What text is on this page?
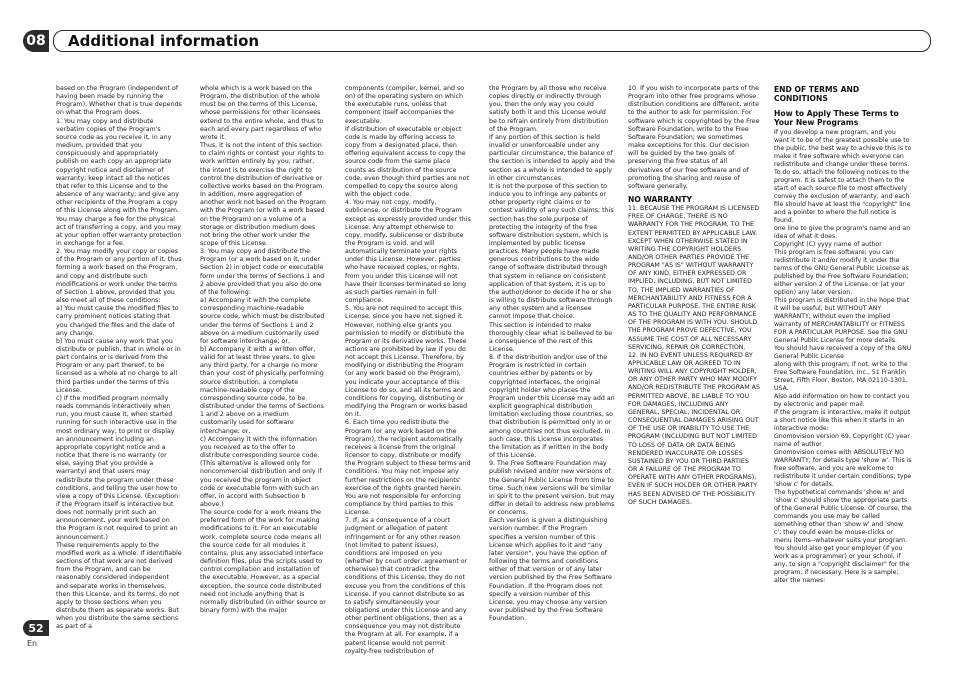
08 Additional information

based on the Program (independent of having been made by running the Program). Whether that is true depends on what the Program does.
1. You may copy and distribute verbatim copies of the Program's source code as you receive it, in any medium, provided that you conspicuously and appropriately publish on each copy an appropriate copyright notice and disclaimer of warranty; keep intact all the notices that refer to this License and to the absence of any warranty; and give any other recipients of the Program a copy of this License along with the Program.
You may charge a fee for the physical act of transferring a copy, and you may at your option offer warranty protection in exchange for a fee.
2. You may modify your copy or copies of the Program or any portion of it, thus forming a work based on the Program, and copy and distribute such modifications or work under the terms of Section 1 above, provided that you also meet all of these conditions:
a) You must cause the modified files to carry prominent notices stating that you changed the files and the date of any change.
b) You must cause any work that you distribute or publish, that in whole or in part contains or is derived from the Program or any part thereof, to be licensed as a whole at no charge to all third parties under the terms of this License.
c) If the modified program normally reads commands interactively when run, you must cause it, when started running for such interactive use in the most ordinary way, to print or display an announcement including an appropriate copyright notice and a notice that there is no warranty (or else, saying that you provide a warranty) and that users may redistribute the program under these conditions, and telling the user how to view a copy of this License. (Exception: if the Program itself is interactive but does not normally print such an announcement, your work based on the Program is not required to print an announcement.)
These requirements apply to the modified work as a whole. If identifiable sections of that work are not derived from the Program, and can be reasonably considered independent and separate works in themselves, then this License, and its terms, do not apply to those sections when you distribute them as separate works. But when you distribute the same sections as part of a

whole which is a work based on the Program, the distribution of the whole must be on the terms of this License, whose permissions for other licensees extend to the entire whole, and thus to each and every part regardless of who wrote it.
Thus, it is not the intent of this section to claim rights or contest your rights to work written entirely by you; rather, the intent is to exercise the right to control the distribution of derivative or collective works based on the Program.
In addition, mere aggregation of another work not based on the Program with the Program (or with a work based on the Program) on a volume of a storage or distribution medium does not bring the other work under the scope of this License.
3. You may copy and distribute the Program (or a work based on it, under Section 2) in object code or executable form under the terms of Sections 1 and 2 above provided that you also do one of the following:
a) Accompany it with the complete corresponding machine-readable source code, which must be distributed under the terms of Sections 1 and 2 above on a medium customarily used for software interchange; or,
b) Accompany it with a written offer, valid for at least three years, to give any third party, for a charge no more than your cost of physically performing source distribution, a complete machine-readable copy of the corresponding source code, to be distributed under the terms of Sections 1 and 2 above on a medium customarily used for software interchange; or,
c) Accompany it with the information you received as to the offer to distribute corresponding source code. (This alternative is allowed only for noncommercial distribution and only if you received the program in object code or executable form with such an offer, in accord with Subsection b above.)
The source code for a work means the preferred form of the work for making modifications to it. For an executable work, complete source code means all the source code for all modules it contains, plus any associated interface definition files, plus the scripts used to control compilation and installation of the executable. However, as a special exception, the source code distributed need not include anything that is normally distributed (in either source or binary form) with the major

components (compiler, kernel, and so on) of the operating system on which the executable runs, unless that component itself accompanies the executable.
If distribution of executable or object code is made by offering access to copy from a designated place, then offering equivalent access to copy the source code from the same place counts as distribution of the source code, even though third parties are not compelled to copy the source along with the object code.
4. You may not copy, modify, sublicense, or distribute the Program except as expressly provided under this License. Any attempt otherwise to copy, modify, sublicense or distribute the Program is void, and will automatically terminate your rights under this License. However, parties who have received copies, or rights, from you under this License will not have their licenses terminated so long as such parties remain in full compliance.
5. You are not required to accept this License, since you have not signed it. However, nothing else grants you permission to modify or distribute the Program or its derivative works. These actions are prohibited by law if you do not accept this License. Therefore, by modifying or distributing the Program (or any work based on the Program), you indicate your acceptance of this License to do so, and all its terms and conditions for copying, distributing or modifying the Program or works based on it.
6. Each time you redistribute the Program (or any work based on the Program), the recipient automatically receives a license from the original licensor to copy, distribute or modify the Program subject to these terms and conditions. You may not impose any further restrictions on the recipients' exercise of the rights granted herein. You are not responsible for enforcing compliance by third parties to this License.
7. If, as a consequence of a court judgment or allegation of patent infringement or for any other reason (not limited to patent issues), conditions are imposed on you (whether by court order, agreement or otherwise) that contradict the conditions of this License, they do not excuse you from the conditions of this License. If you cannot distribute so as to satisfy simultaneously your obligations under this License and any other pertinent obligations, then as a consequence you may not distribute the Program at all. For example, if a patent license would not permit royalty-free redistribution of

the Program by all those who receive copies directly or indirectly through you, then the only way you could satisfy both it and this License would be to refrain entirely from distribution of the Program.
If any portion of this section is held invalid or unenforceable under any particular circumstance, the balance of the section is intended to apply and the section as a whole is intended to apply in other circumstances.
It is not the purpose of this section to induce you to infringe any patents or other property right claims or to contest validity of any such claims; this section has the sole purpose of protecting the integrity of the free software distribution system, which is implemented by public license practices. Many people have made generous contributions to the wide range of software distributed through that system in reliance on consistent application of that system; it is up to the author/donor to decide if he or she is willing to distribute software through any other system and a licensee cannot impose that choice.
This section is intended to make thoroughly clear what is believed to be a consequence of the rest of this License.
8. If the distribution and/or use of the Program is restricted in certain countries either by patents or by copyrighted interfaces, the original copyright holder who places the Program under this License may add an explicit geographical distribution limitation excluding those countries, so that distribution is permitted only in or among countries not thus excluded. In such case, this License incorporates the limitation as if written in the body of this License.
9. The Free Software Foundation may publish revised and/or new versions of the General Public License from time to time. Such new versions will be similar in spirit to the present version, but may differ in detail to address new problems or concerns.
Each version is given a distinguishing version number. If the Program specifies a version number of this License which applies to it and "any later version", you have the option of following the terms and conditions either of that version or of any later version published by the Free Software Foundation. If the Program does not specify a version number of this License, you may choose any version ever published by the Free Software Foundation.

10. If you wish to incorporate parts of the Program into other free programs whose distribution conditions are different, write to the author to ask for permission. For software which is copyrighted by the Free Software Foundation, write to the Free Software Foundation; we sometimes make exceptions for this. Our decision will be guided by the two goals of preserving the free status of all derivatives of our free software and of promoting the sharing and reuse of software generally.

NO WARRANTY

11. BECAUSE THE PROGRAM IS LICENSED FREE OF CHARGE, THERE IS NO WARRANTY FOR THE PROGRAM, TO THE EXTENT PERMITTED BY APPLICABLE LAW. EXCEPT WHEN OTHERWISE STATED IN WRITING THE COPYRIGHT HOLDERS AND/OR OTHER PARTIES PROVIDE THE PROGRAM "AS IS" WITHOUT WARRANTY OF ANY KIND, EITHER EXPRESSED OR IMPLIED, INCLUDING, BUT NOT LIMITED TO, THE IMPLIED WARRANTIES OF MERCHANTABILITY AND FITNESS FOR A PARTICULAR PURPOSE. THE ENTIRE RISK AS TO THE QUALITY AND PERFORMANCE OF THE PROGRAM IS WITH YOU. SHOULD THE PROGRAM PROVE DEFECTIVE, YOU ASSUME THE COST OF ALL NECESSARY SERVICING, REPAIR OR CORRECTION.
12. IN NO EVENT UNLESS REQUIRED BY APPLICABLE LAW OR AGREED TO IN WRITING WILL ANY COPYRIGHT HOLDER, OR ANY OTHER PARTY WHO MAY MODIFY AND/OR REDISTRIBUTE THE PROGRAM AS PERMITTED ABOVE, BE LIABLE TO YOU FOR DAMAGES, INCLUDING ANY GENERAL, SPECIAL, INCIDENTAL OR CONSEQUENTIAL DAMAGES ARISING OUT OF THE USE OR INABILITY TO USE THE PROGRAM (INCLUDING BUT NOT LIMITED TO LOSS OF DATA OR DATA BEING RENDERED INACCURATE OR LOSSES SUSTAINED BY YOU OR THIRD PARTIES OR A FAILURE OF THE PROGRAM TO OPERATE WITH ANY OTHER PROGRAMS), EVEN IF SUCH HOLDER OR OTHER PARTY HAS BEEN ADVISED OF THE POSSIBILITY OF SUCH DAMAGES.

END OF TERMS AND CONDITIONS
How to Apply These Terms to Your New Programs

If you develop a new program, and you want it to be of the greatest possible use to the public, the best way to achieve this is to make it free software which everyone can redistribute and change under these terms.
To do so, attach the following notices to the program. It is safest to attach them to the start of each source file to most effectively convey the exclusion of warranty; and each file should have at least the "copyright" line and a pointer to where the full notice is found.
one line to give the program's name and an idea of what it does.
Copyright (C) yyyy name of author
This program is free software; you can redistribute it and/or modify it under the terms of the GNU General Public License as published by the Free Software Foundation; either version 2 of the License, or (at your option) any later version.
This program is distributed in the hope that it will be useful, but WITHOUT ANY WARRANTY; without even the implied warranty of MERCHANTABILITY or FITNESS FOR A PARTICULAR PURPOSE. See the GNU General Public License for more details.
You should have received a copy of the GNU General Public License
along with this program; if not, write to the Free Software Foundation, Inc., 51 Franklin Street, Fifth Floor, Boston, MA 02110-1301, USA.
Also add information on how to contact you by electronic and paper mail.
If the program is interactive, make it output a short notice like this when it starts in an interactive mode:
Gnomovision version 69, Copyright (C) year name of author
Gnomovision comes with ABSOLUTELY NO WARRANTY; for details type 'show w'. This is free software, and you are welcome to redistribute it under certain conditions; type 'show c' for details.
The hypothetical commands 'show w' and 'show c' should show the appropriate parts of the General Public License. Of course, the commands you use may be called something other than 'show w' and 'show c'; they could even be mouse-clicks or menu items--whatever suits your program.
You should also get your employer (if you work as a programmer) or your school, if any, to sign a "copyright disclaimer" for the program, if necessary. Here is a sample; alter the names:

52
En
